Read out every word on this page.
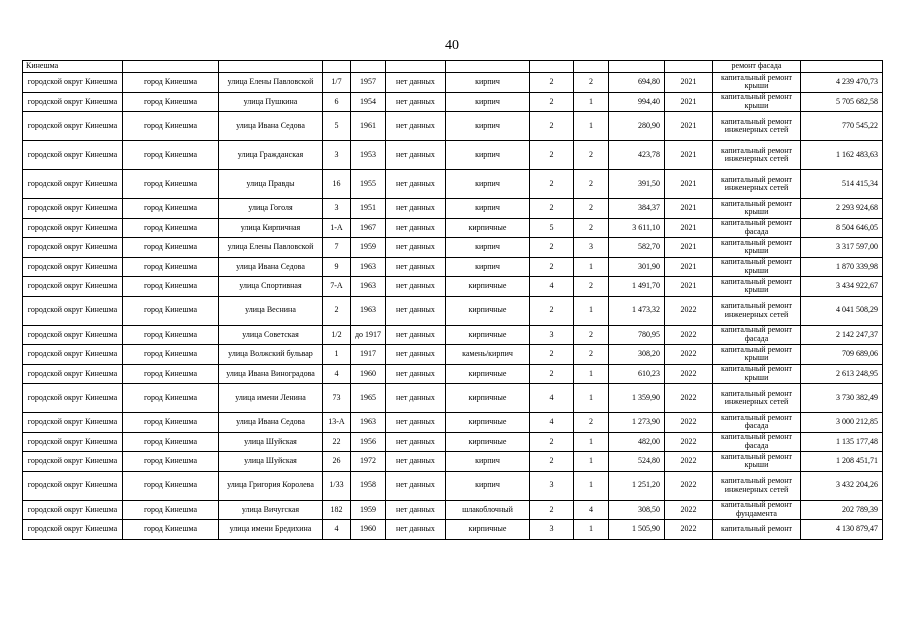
40
Кинешма											ремонт фасада	
городской округ Кинешма	город Кинешма	улица Елены Павловской	1/7	1957	нет данных	кирпич	2	2	694,80	2021	капитальный ремонт крыши	4 239 470,73
городской округ Кинешма	город Кинешма	улица Пушкина	6	1954	нет данных	кирпич	2	1	994,40	2021	капитальный ремонт крыши	5 705 682,58
городской округ Кинешма	город Кинешма	улица Ивана Седова	5	1961	нет данных	кирпич	2	1	280,90	2021	капитальный ремонт инженерных сетей	770 545,22
городской округ Кинешма	город Кинешма	улица Гражданская	3	1953	нет данных	кирпич	2	2	423,78	2021	капитальный ремонт инженерных сетей	1 162 483,63
городской округ Кинешма	город Кинешма	улица Правды	16	1955	нет данных	кирпич	2	2	391,50	2021	капитальный ремонт инженерных сетей	514 415,34
городской округ Кинешма	город Кинешма	улица Гоголя	3	1951	нет данных	кирпич	2	2	384,37	2021	капитальный ремонт крыши	2 293 924,68
городской округ Кинешма	город Кинешма	улица Кирпичная	1-А	1967	нет данных	кирпичные	5	2	3 611,10	2021	капитальный ремонт фасада	8 504 646,05
городской округ Кинешма	город Кинешма	улица Елены Павловской	7	1959	нет данных	кирпич	2	3	582,70	2021	капитальный ремонт крыши	3 317 597,00
городской округ Кинешма	город Кинешма	улица Ивана Седова	9	1963	нет данных	кирпич	2	1	301,90	2021	капитальный ремонт крыши	1 870 339,98
городской округ Кинешма	город Кинешма	улица Спортивная	7-А	1963	нет данных	кирпичные	4	2	1 491,70	2021	капитальный ремонт крыши	3 434 922,67
городской округ Кинешма	город Кинешма	улица Веснина	2	1963	нет данных	кирпичные	2	1	1 473,32	2022	капитальный ремонт инженерных сетей	4 041 508,29
городской округ Кинешма	город Кинешма	улица Советская	1/2	до 1917	нет данных	кирпичные	3	2	780,95	2022	капитальный ремонт фасада	2 142 247,37
городской округ Кинешма	город Кинешма	улица Волжский бульвар	1	1917	нет данных	камень/кирпич	2	2	308,20	2022	капитальный ремонт крыши	709 689,06
городской округ Кинешма	город Кинешма	улица Ивана Виноградова	4	1960	нет данных	кирпичные	2	1	610,23	2022	капитальный ремонт крыши	2 613 248,95
городской округ Кинешма	город Кинешма	улица имени Ленина	73	1965	нет данных	кирпичные	4	1	1 359,90	2022	капитальный ремонт инженерных сетей	3 730 382,49
городской округ Кинешма	город Кинешма	улица Ивана Седова	13-А	1963	нет данных	кирпичные	4	2	1 273,90	2022	капитальный ремонт фасада	3 000 212,85
городской округ Кинешма	город Кинешма	улица Шуйская	22	1956	нет данных	кирпичные	2	1	482,00	2022	капитальный ремонт фасада	1 135 177,48
городской округ Кинешма	город Кинешма	улица Шуйская	26	1972	нет данных	кирпич	2	1	524,80	2022	капитальный ремонт крыши	1 208 451,71
городской округ Кинешма	город Кинешма	улица Григория Королева	1/33	1958	нет данных	кирпич	3	1	1 251,20	2022	капитальный ремонт инженерных сетей	3 432 204,26
городской округ Кинешма	город Кинешма	улица Вичугская	182	1959	нет данных	шлакоблочный	2	4	308,50	2022	капитальный ремонт фундамента	202 789,39
городской округ Кинешма	город Кинешма	улица имени Бредихина	4	1960	нет данных	кирпичные	3	1	1 505,90	2022	капитальный ремонт	4 130 879,47
